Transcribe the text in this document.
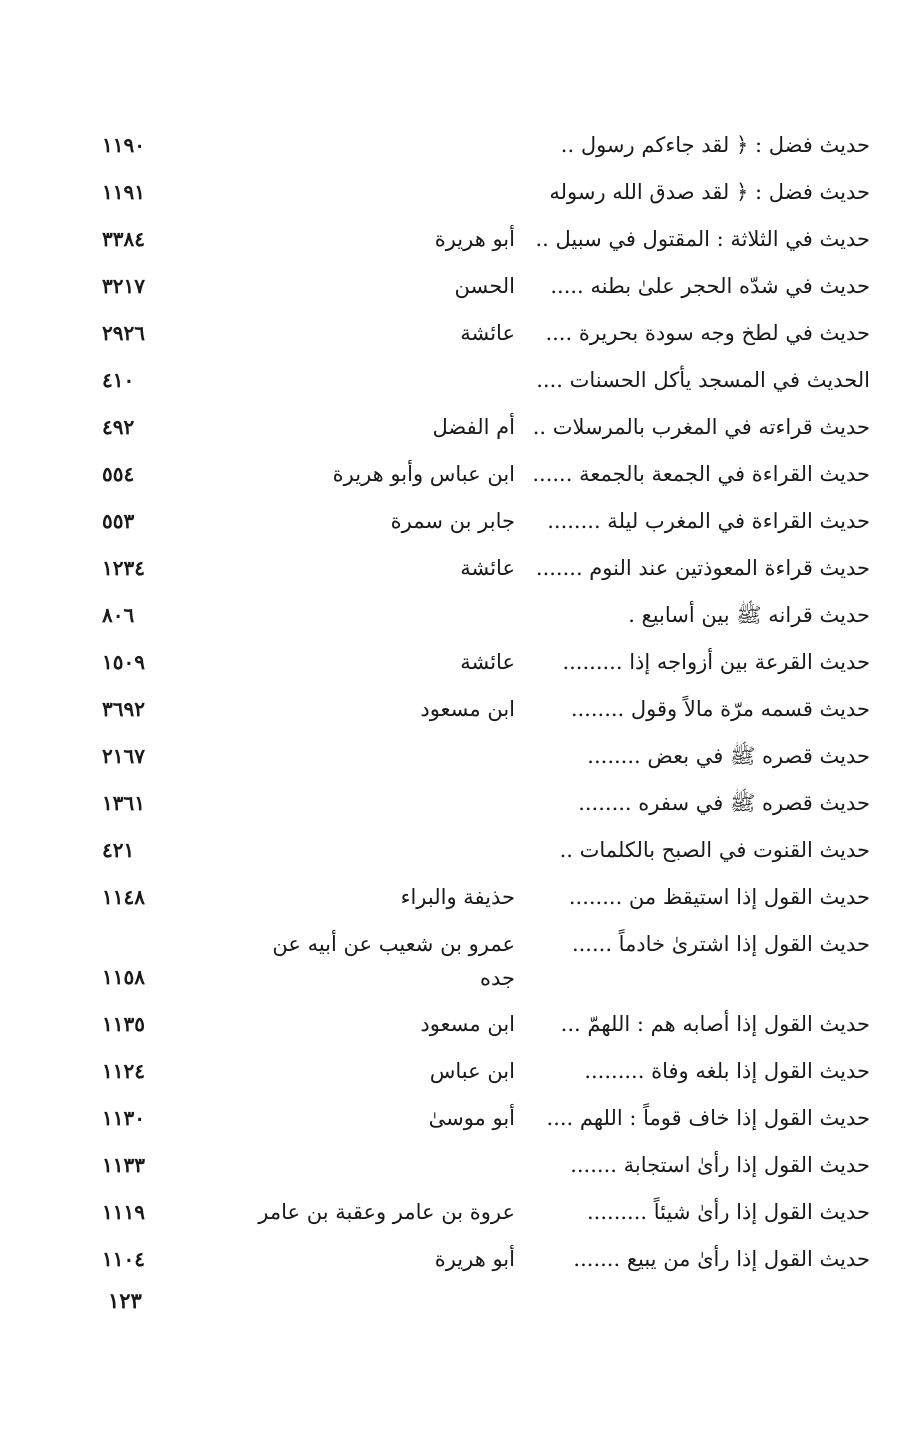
حديث فضل : ﴿ لقد جاءكم رسول ..
١١٩٠
حديث فضل : ﴿ لقد صدق الله رسوله
١١٩١
حديث في الثلاثة : المقتول في سبيل ..
أبو هريرة
٣٣٨٤
حديث في شدّه الحجر علىٰ بطنه .....
الحسن
٣٢١٧
حديث في لطخ وجه سودة بحريرة ....
عائشة
٢٩٢٦
الحديث في المسجد يأكل الحسنات ....
٤١٠
حديث قراءته في المغرب بالمرسلات ..
أم الفضل
٤٩٢
حديث القراءة في الجمعة بالجمعة ......
ابن عباس وأبو هريرة
٥٥٤
حديث القراءة في المغرب ليلة ........
جابر بن سمرة
٥٥٣
حديث قراءة المعوذتين عند النوم .......
عائشة
١٢٣٤
حديث قرانه ﷺ بين أسابيع .
٨٠٦
حديث القرعة بين أزواجه إذا .........
عائشة
١٥٠٩
حديث قسمه مرّة مالاً وقول ........
ابن مسعود
٣٦٩٢
حديث قصره ﷺ في بعض ........
٢١٦٧
حديث قصره ﷺ في سفره ........
١٣٦١
حديث القنوت في الصبح بالكلمات ..
٤٢١
حديث القول إذا استيقظ من ........
حذيفة والبراء
١١٤٨
حديث القول إذا اشترىٰ خادماً ......
عمرو بن شعيب عن أبيه عن جده
١١٥٨
حديث القول إذا أصابه هم : اللهمّ ...
ابن مسعود
١١٣٥
حديث القول إذا بلغه وفاة .........
ابن عباس
١١٢٤
حديث القول إذا خاف قوماً : اللهم ....
أبو موسىٰ
١١٣٠
حديث القول إذا رأىٰ استجابة .......
١١٣٣
حديث القول إذا رأىٰ شيئاً .........
عروة بن عامر وعقبة بن عامر
١١١٩
حديث القول إذا رأىٰ من يبيع .......
أبو هريرة
١١٠٤
١٢٣
